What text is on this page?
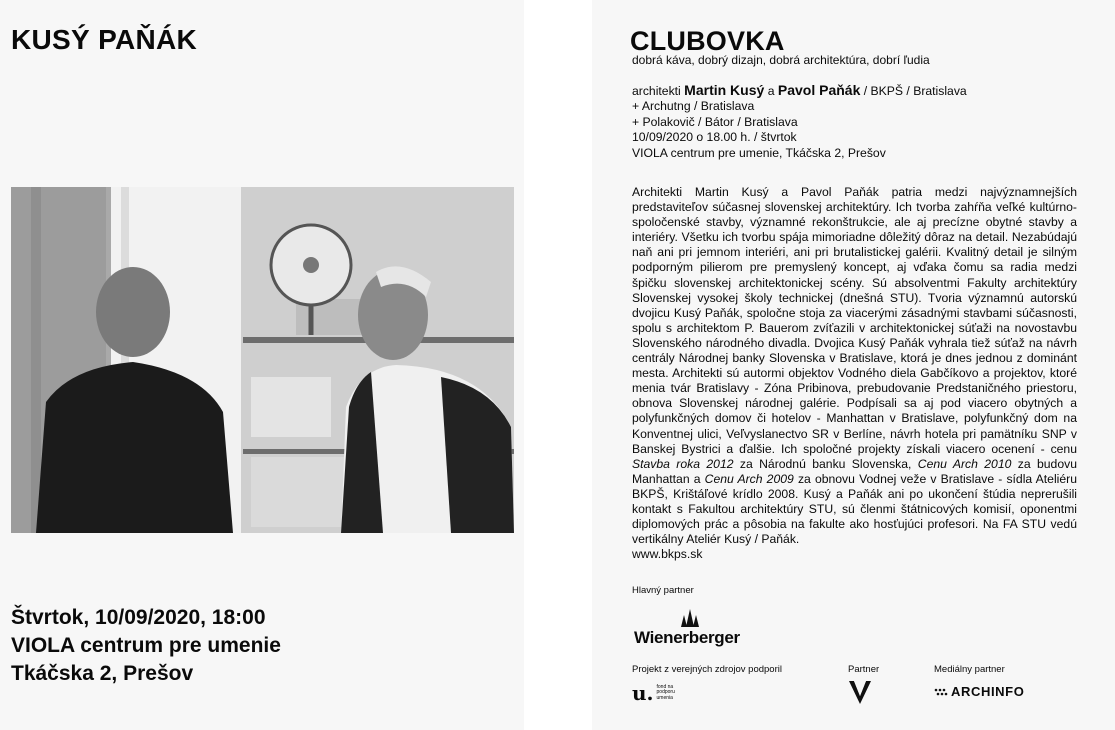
KUSÝ PAŇÁK
Štvrtok, 10/09/2020, 18:00
VIOLA centrum pre umenie
Tkáčska 2, Prešov
CLUBOVKA
dobrá káva, dobrý dizajn, dobrá architektúra, dobrí ľudia
architekti Martin Kusý a Pavol Paňák / BKPŠ / Bratislava
+ Archutng / Bratislava
+ Polakovič / Bátor / Bratislava
10/09/2020 o 18.00 h. / štvrtok
VIOLA centrum pre umenie, Tkáčska 2, Prešov
Architekti Martin Kusý a Pavol Paňák patria medzi najvýznamnejších predstaviteľov súčasnej slovenskej architektúry. Ich tvorba zahŕňa veľké kultúrno-spoločenské stavby, významné rekonštrukcie, ale aj precízne obytné stavby a interiéry. Všetku ich tvorbu spája mimoriadne dôležitý dôraz na detail. Nezabúdajú naň ani pri jemnom interiéri, ani pri brutalistickej galérii. Kvalitný detail je silným podporným pilierom pre premyslený koncept, aj vďaka čomu sa radia medzi špičku slovenskej architektonickej scény. Sú absolventmi Fakulty architektúry Slovenskej vysokej školy technickej (dnešná STU). Tvoria významnú autorskú dvojicu Kusý Paňák, spoločne stoja za viacerými zásadnými stavbami súčasnosti, spolu s architektom P. Bauerom zvíťazili v architektonickej súťaži na novostavbu Slovenského národného divadla. Dvojica Kusý Paňák vyhrala tiež súťaž na návrh centrály Národnej banky Slovenska v Bratislave, ktorá je dnes jednou z dominánt mesta. Architekti sú autormi objektov Vodného diela Gabčíkovo a projektov, ktoré menia tvár Bratislavy - Zóna Pribinova, prebudovanie Predstaničného priestoru, obnova Slovenskej národnej galérie. Podpísali sa aj pod viacero obytných a polyfunkčných domov či hotelov - Manhattan v Bratislave, polyfunkčný dom na Konventnej ulici, Veľvyslanectvo SR v Berlíne, návrh hotela pri pamätníku SNP v Banskej Bystrici a ďalšie. Ich spoločné projekty získali viacero ocenení - cenu Stavba roka 2012 za Národnú banku Slovenska, Cenu Arch 2010 za budovu Manhattan a Cenu Arch 2009 za obnovu Vodnej veže v Bratislave - sídla Ateliéru BKPŠ, Krištáľové krídlo 2008. Kusý a Paňák ani po ukončení štúdia neprerušili kontakt s Fakultou architektúry STU, sú členmi štátnicových komisií, oponentmi diplomových prác a pôsobia na fakulte ako hosťujúci profesori. Na FA STU vedú vertikálny Ateliér Kusý / Paňák.
www.bkps.sk
Hlavný partner
Wienerberger
Projekt z verejných zdrojov podporil
u. fond na podporu umenia
Partner	Mediálny partner
ARCHINFO
